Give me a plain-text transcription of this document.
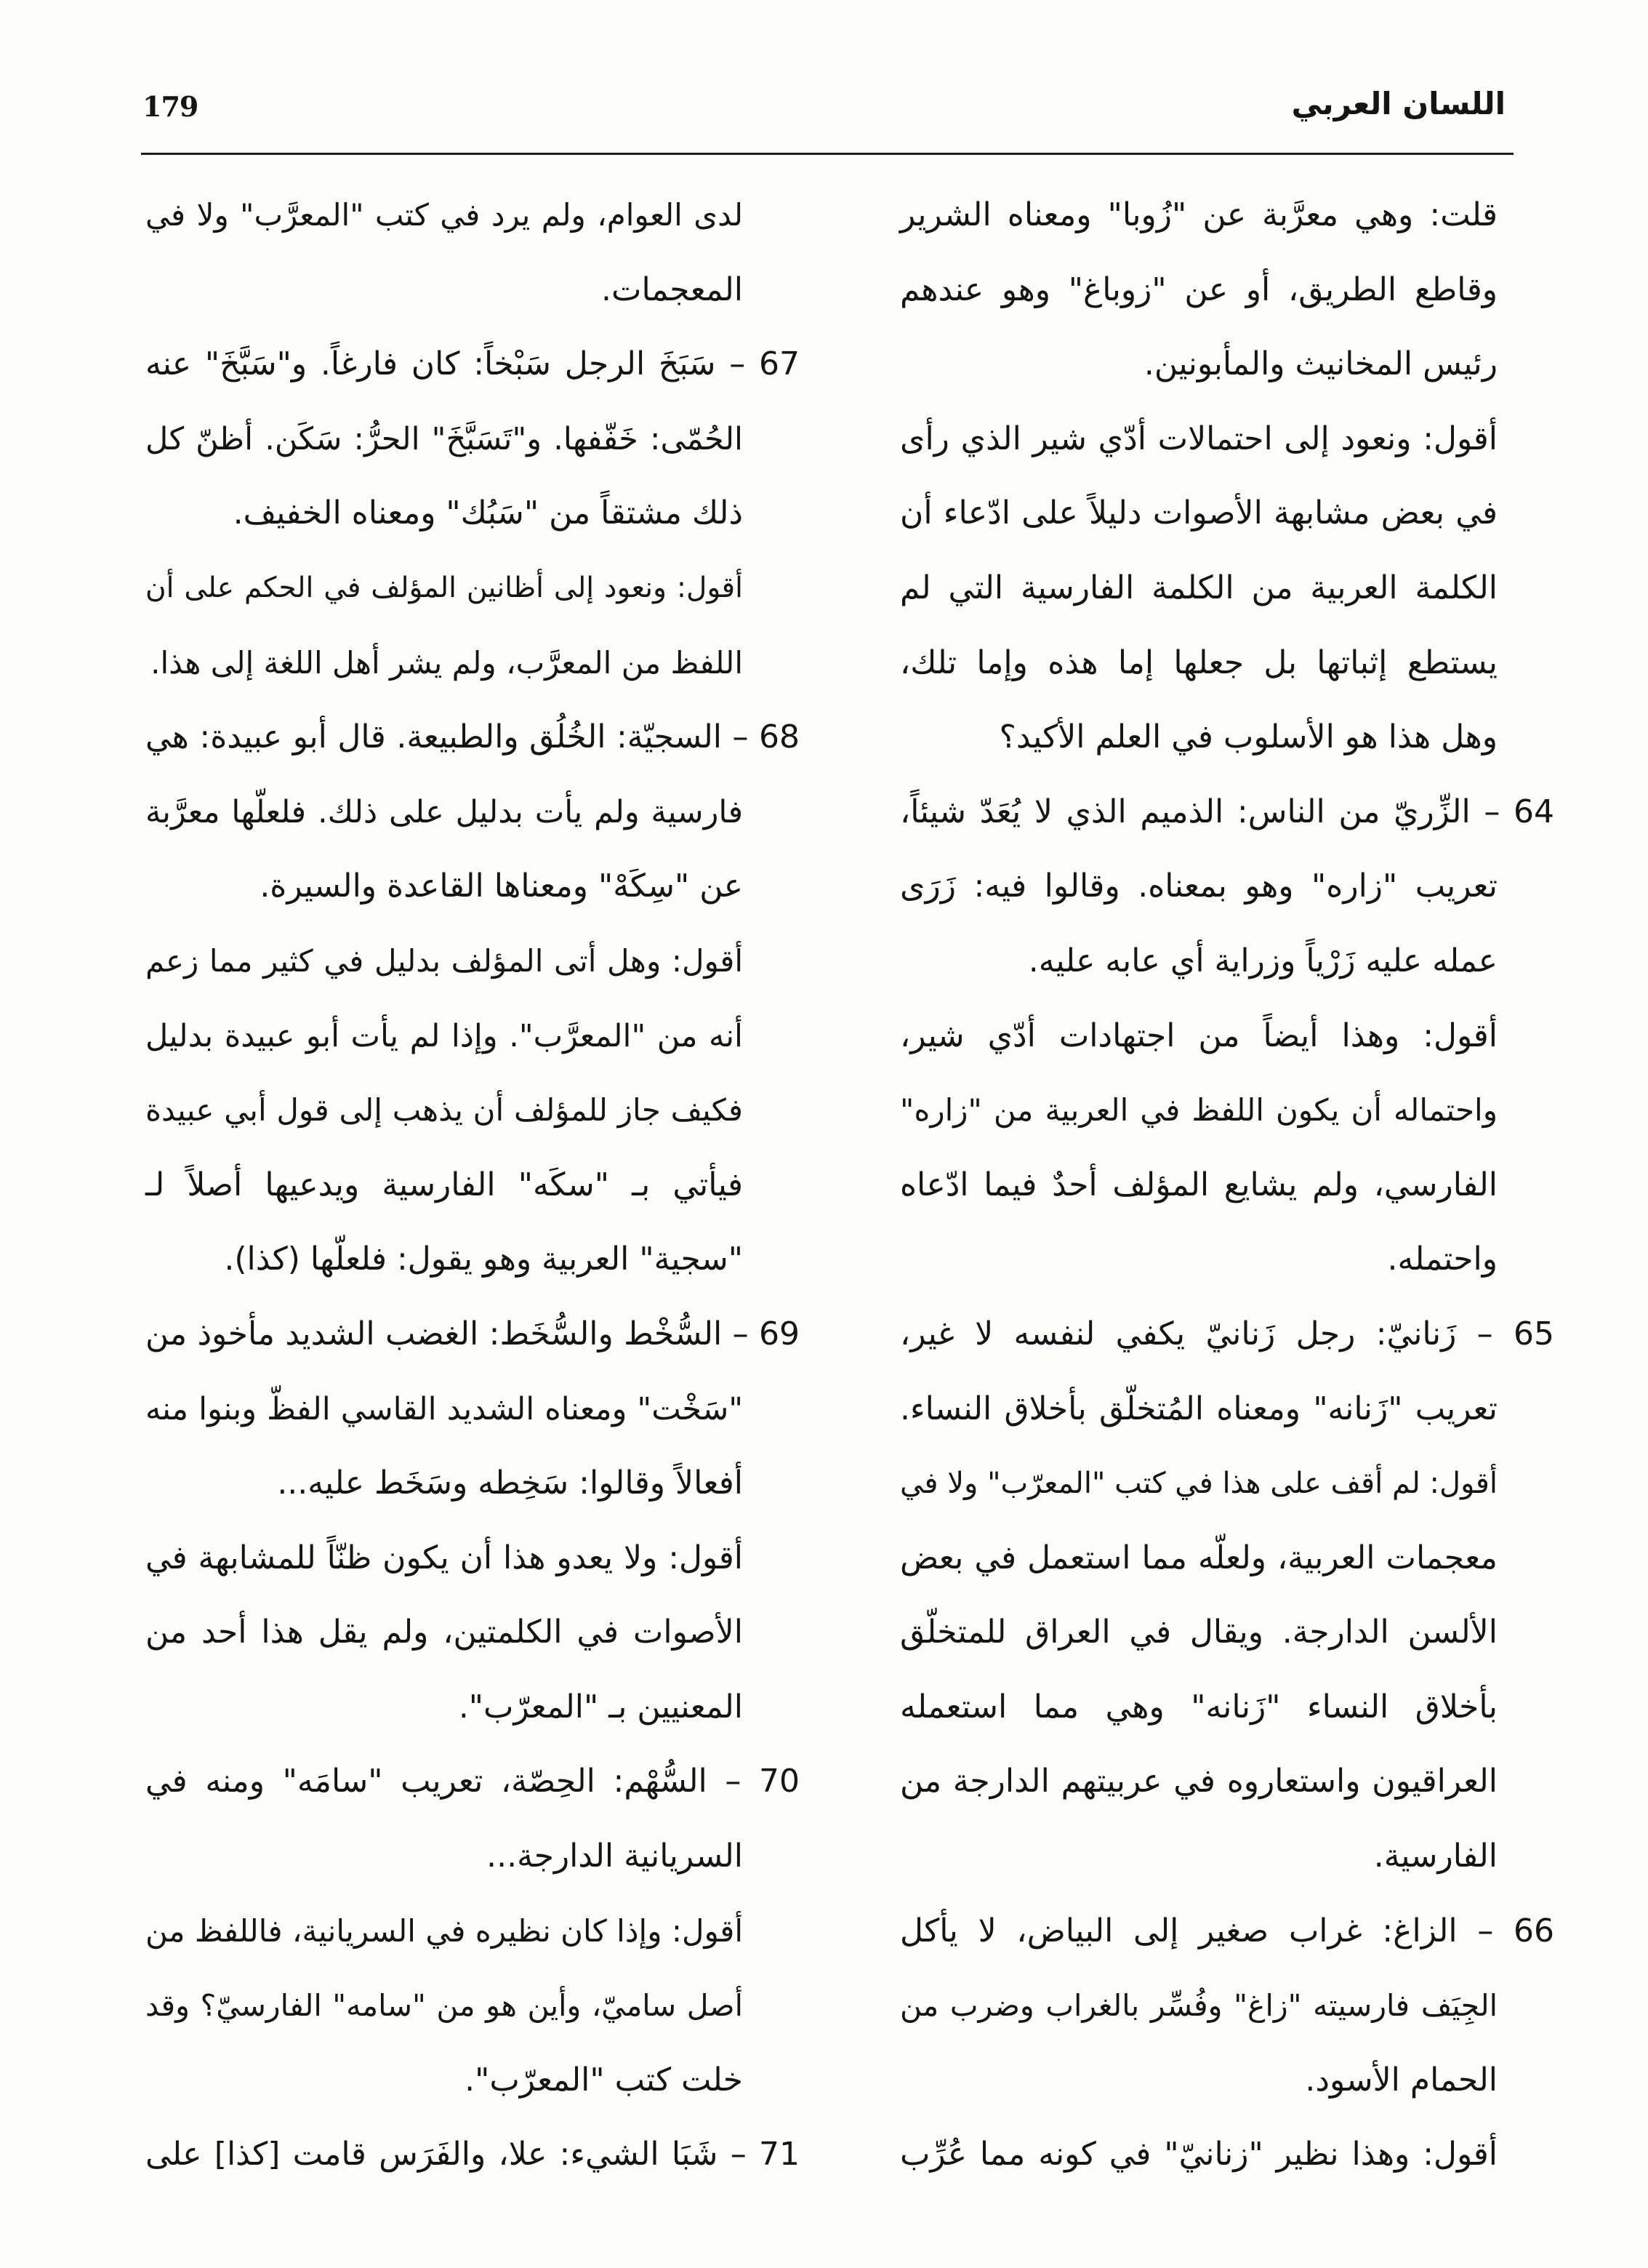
179	اللسان العربي
قلت: وهي معرَّبة عن "زُوبا" ومعناه الشرير
وقاطع الطريق، أو عن "زوباغ" وهو عندهم
رئيس المخانيث والمأبونين.
أقول: ونعود إلى احتمالات أدّي شير الذي رأى
في بعض مشابهة الأصوات دليلاً على ادّعاء أن
الكلمة العربية من الكلمة الفارسية التي لم
يستطع إثباتها بل جعلها إما هذه وإما تلك،
وهل هذا هو الأسلوب في العلم الأكيد؟
64 – الزِّريّ من الناس: الذميم الذي لا يُعَدّ شيئاً،
تعريب "زاره" وهو بمعناه. وقالوا فيه: زَرَى
عمله عليه زَرْياً وزراية أي عابه عليه.
أقول: وهذا أيضاً من اجتهادات أدّي شير،
واحتماله أن يكون اللفظ في العربية من "زاره"
الفارسي، ولم يشايع المؤلف أحدٌ فيما ادّعاه
واحتمله.
65 – زَنانيّ: رجل زَنانيّ يكفي لنفسه لا غير،
تعريب "زَنانه" ومعناه المُتخلّق بأخلاق النساء.
أقول: لم أقف على هذا في كتب "المعرّب" ولا في
معجمات العربية، ولعلّه مما استعمل في بعض
الألسن الدارجة. ويقال في العراق للمتخلّق
بأخلاق النساء "زَنانه" وهي مما استعمله
العراقيون واستعاروه في عربيتهم الدارجة من
الفارسية.
66 – الزاغ: غراب صغير إلى البياض، لا يأكل
الجِيَف فارسيته "زاغ" وفُسِّر بالغراب وضرب من
الحمام الأسود.
أقول: وهذا نظير "زنانيّ" في كونه مما عُرِّب
لدى العوام، ولم يرد في كتب "المعرَّب" ولا في
المعجمات.
67 – سَبَخَ الرجل سَبْخاً: كان فارغاً. و"سَبَّخَ" عنه
الحُمّى: خَفّفها. و"تَسَبَّخَ" الحرُّ: سَكَن. أظنّ كل
ذلك مشتقاً من "سَبُك" ومعناه الخفيف.
أقول: ونعود إلى أظانين المؤلف في الحكم على أن
اللفظ من المعرَّب، ولم يشر أهل اللغة إلى هذا.
68 – السجيّة: الخُلُق والطبيعة. قال أبو عبيدة: هي
فارسية ولم يأت بدليل على ذلك. فلعلّها معرَّبة
عن "سِكَهْ" ومعناها القاعدة والسيرة.
أقول: وهل أتى المؤلف بدليل في كثير مما زعم
أنه من "المعرَّب". وإذا لم يأت أبو عبيدة بدليل
فكيف جاز للمؤلف أن يذهب إلى قول أبي عبيدة
فيأتي بـ "سكَه" الفارسية ويدعيها أصلاً لـ
"سجية" العربية وهو يقول: فلعلّها (كذا).
69 – السُّخْط والسُّخَط: الغضب الشديد مأخوذ من
"سَخْت" ومعناه الشديد القاسي الفظّ وبنوا منه
أفعالاً وقالوا: سَخِطه وسَخَط عليه...
أقول: ولا يعدو هذا أن يكون ظنّاً للمشابهة في
الأصوات في الكلمتين، ولم يقل هذا أحد من
المعنيين بـ "المعرّب".
70 – السُّهْم: الحِصّة، تعريب "سامَه" ومنه في
السريانية الدارجة...
أقول: وإذا كان نظيره في السريانية، فاللفظ من
أصل ساميّ، وأين هو من "سامه" الفارسيّ؟ وقد
خلت كتب "المعرّب".
71 – شَبَا الشيء: علا، والفَرَس قامت [كذا] على
